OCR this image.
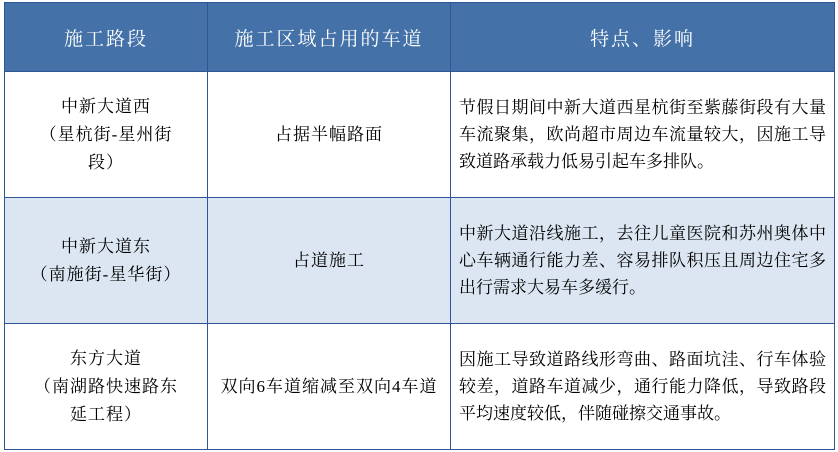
施工路段	施工区域占用的车道	特点、影响

中新大道西
（星杭街-星州街
段）	占据半幅路面	节假日期间中新大道西星杭街至紫藤街段有大量车流聚集，欧尚超市周边车流量较大，因施工导致道路承载力低易引起车多排队。

中新大道东
（南施街-星华街）	占道施工	中新大道沿线施工，去往儿童医院和苏州奥体中心车辆通行能力差、容易排队积压且周边住宅多出行需求大易车多缓行。

东方大道
（南湖路快速路东
延工程）	双向6车道缩减至双向4车道	因施工导致道路线形弯曲、路面坑洼、行车体验较差，道路车道减少，通行能力降低，导致路段平均速度较低，伴随碰擦交通事故。
